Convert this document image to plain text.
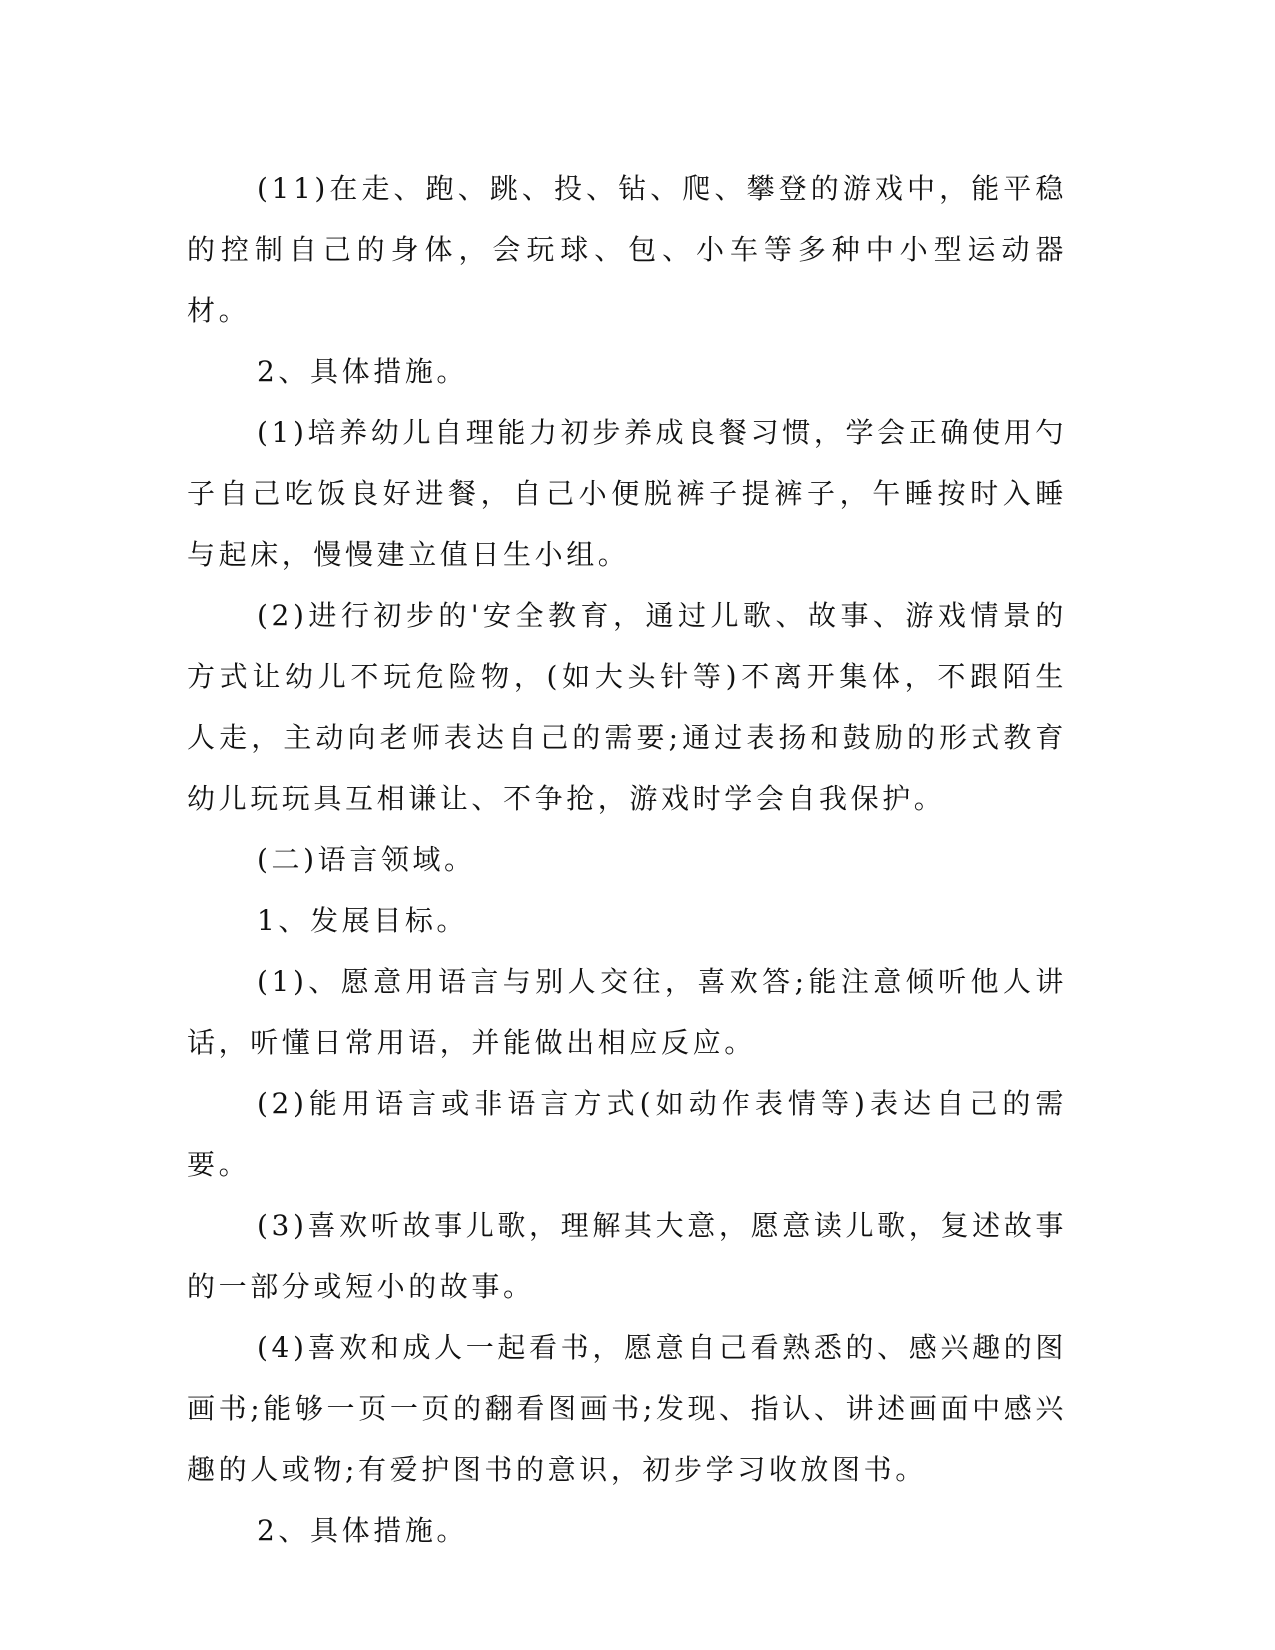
(11)在走、跑、跳、投、钻、爬、攀登的游戏中，能平稳的控制自己的身体，会玩球、包、小车等多种中小型运动器材。

2、具体措施。

(1)培养幼儿自理能力初步养成良餐习惯，学会正确使用勺子自己吃饭良好进餐，自己小便脱裤子提裤子，午睡按时入睡与起床，慢慢建立值日生小组。

(2)进行初步的'安全教育，通过儿歌、故事、游戏情景的方式让幼儿不玩危险物，(如大头针等)不离开集体，不跟陌生人走，主动向老师表达自己的需要;通过表扬和鼓励的形式教育幼儿玩玩具互相谦让、不争抢，游戏时学会自我保护。

(二)语言领域。

1、发展目标。

(1)、愿意用语言与别人交往，喜欢答;能注意倾听他人讲话，听懂日常用语，并能做出相应反应。

(2)能用语言或非语言方式(如动作表情等)表达自己的需要。

(3)喜欢听故事儿歌，理解其大意，愿意读儿歌，复述故事的一部分或短小的故事。

(4)喜欢和成人一起看书，愿意自己看熟悉的、感兴趣的图画书;能够一页一页的翻看图画书;发现、指认、讲述画面中感兴趣的人或物;有爱护图书的意识，初步学习收放图书。

2、具体措施。
